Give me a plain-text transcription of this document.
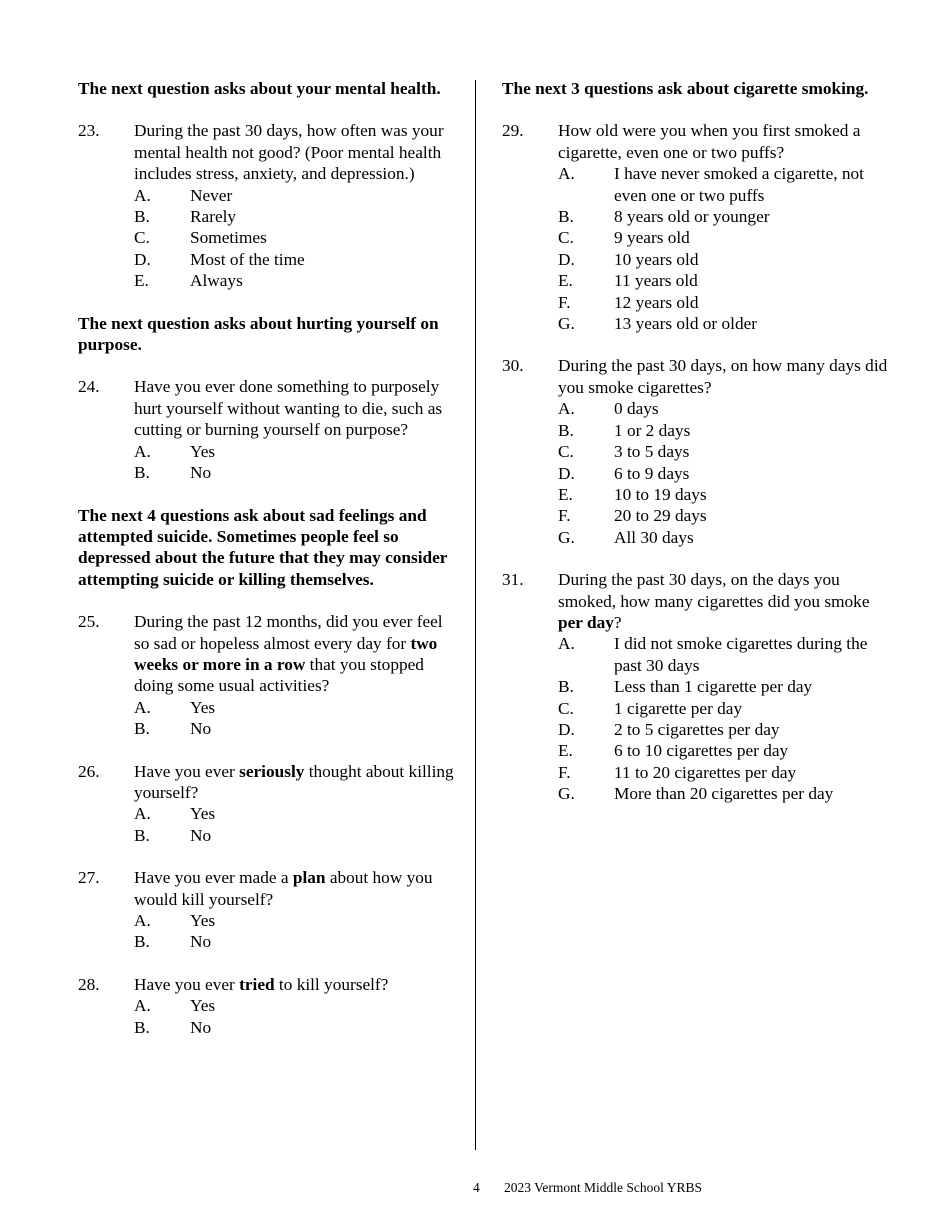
The next question asks about your mental health.

23.	During the past 30 days, how often was your mental health not good? (Poor mental health includes stress, anxiety, and depression.)
A.	Never
B.	Rarely
C.	Sometimes
D.	Most of the time
E.	Always

The next question asks about hurting yourself on purpose.

24.	Have you ever done something to purposely hurt yourself without wanting to die, such as cutting or burning yourself on purpose?
A.	Yes
B.	No

The next 4 questions ask about sad feelings and attempted suicide. Sometimes people feel so depressed about the future that they may consider attempting suicide or killing themselves.

25.	During the past 12 months, did you ever feel so sad or hopeless almost every day for two weeks or more in a row that you stopped doing some usual activities?
A.	Yes
B.	No
26.	Have you ever seriously thought about killing yourself?
A.	Yes
B.	No
27.	Have you ever made a plan about how you would kill yourself?
A.	Yes
B.	No
28.	Have you ever tried to kill yourself?
A.	Yes
B.	No

The next 3 questions ask about cigarette smoking.

29.	How old were you when you first smoked a cigarette, even one or two puffs?
A.	I have never smoked a cigarette, not even one or two puffs
B.	8 years old or younger
C.	9 years old
D.	10 years old
E.	11 years old
F.	12 years old
G.	13 years old or older
30.	During the past 30 days, on how many days did you smoke cigarettes?
A.	0 days
B.	1 or 2 days
C.	3 to 5 days
D.	6 to 9 days
E.	10 to 19 days
F.	20 to 29 days
G.	All 30 days
31.	During the past 30 days, on the days you smoked, how many cigarettes did you smoke per day?
A.	I did not smoke cigarettes during the past 30 days
B.	Less than 1 cigarette per day
C.	1 cigarette per day
D.	2 to 5 cigarettes per day
E.	6 to 10 cigarettes per day
F.	11 to 20 cigarettes per day
G.	More than 20 cigarettes per day
4 2023 Vermont Middle School YRBS
